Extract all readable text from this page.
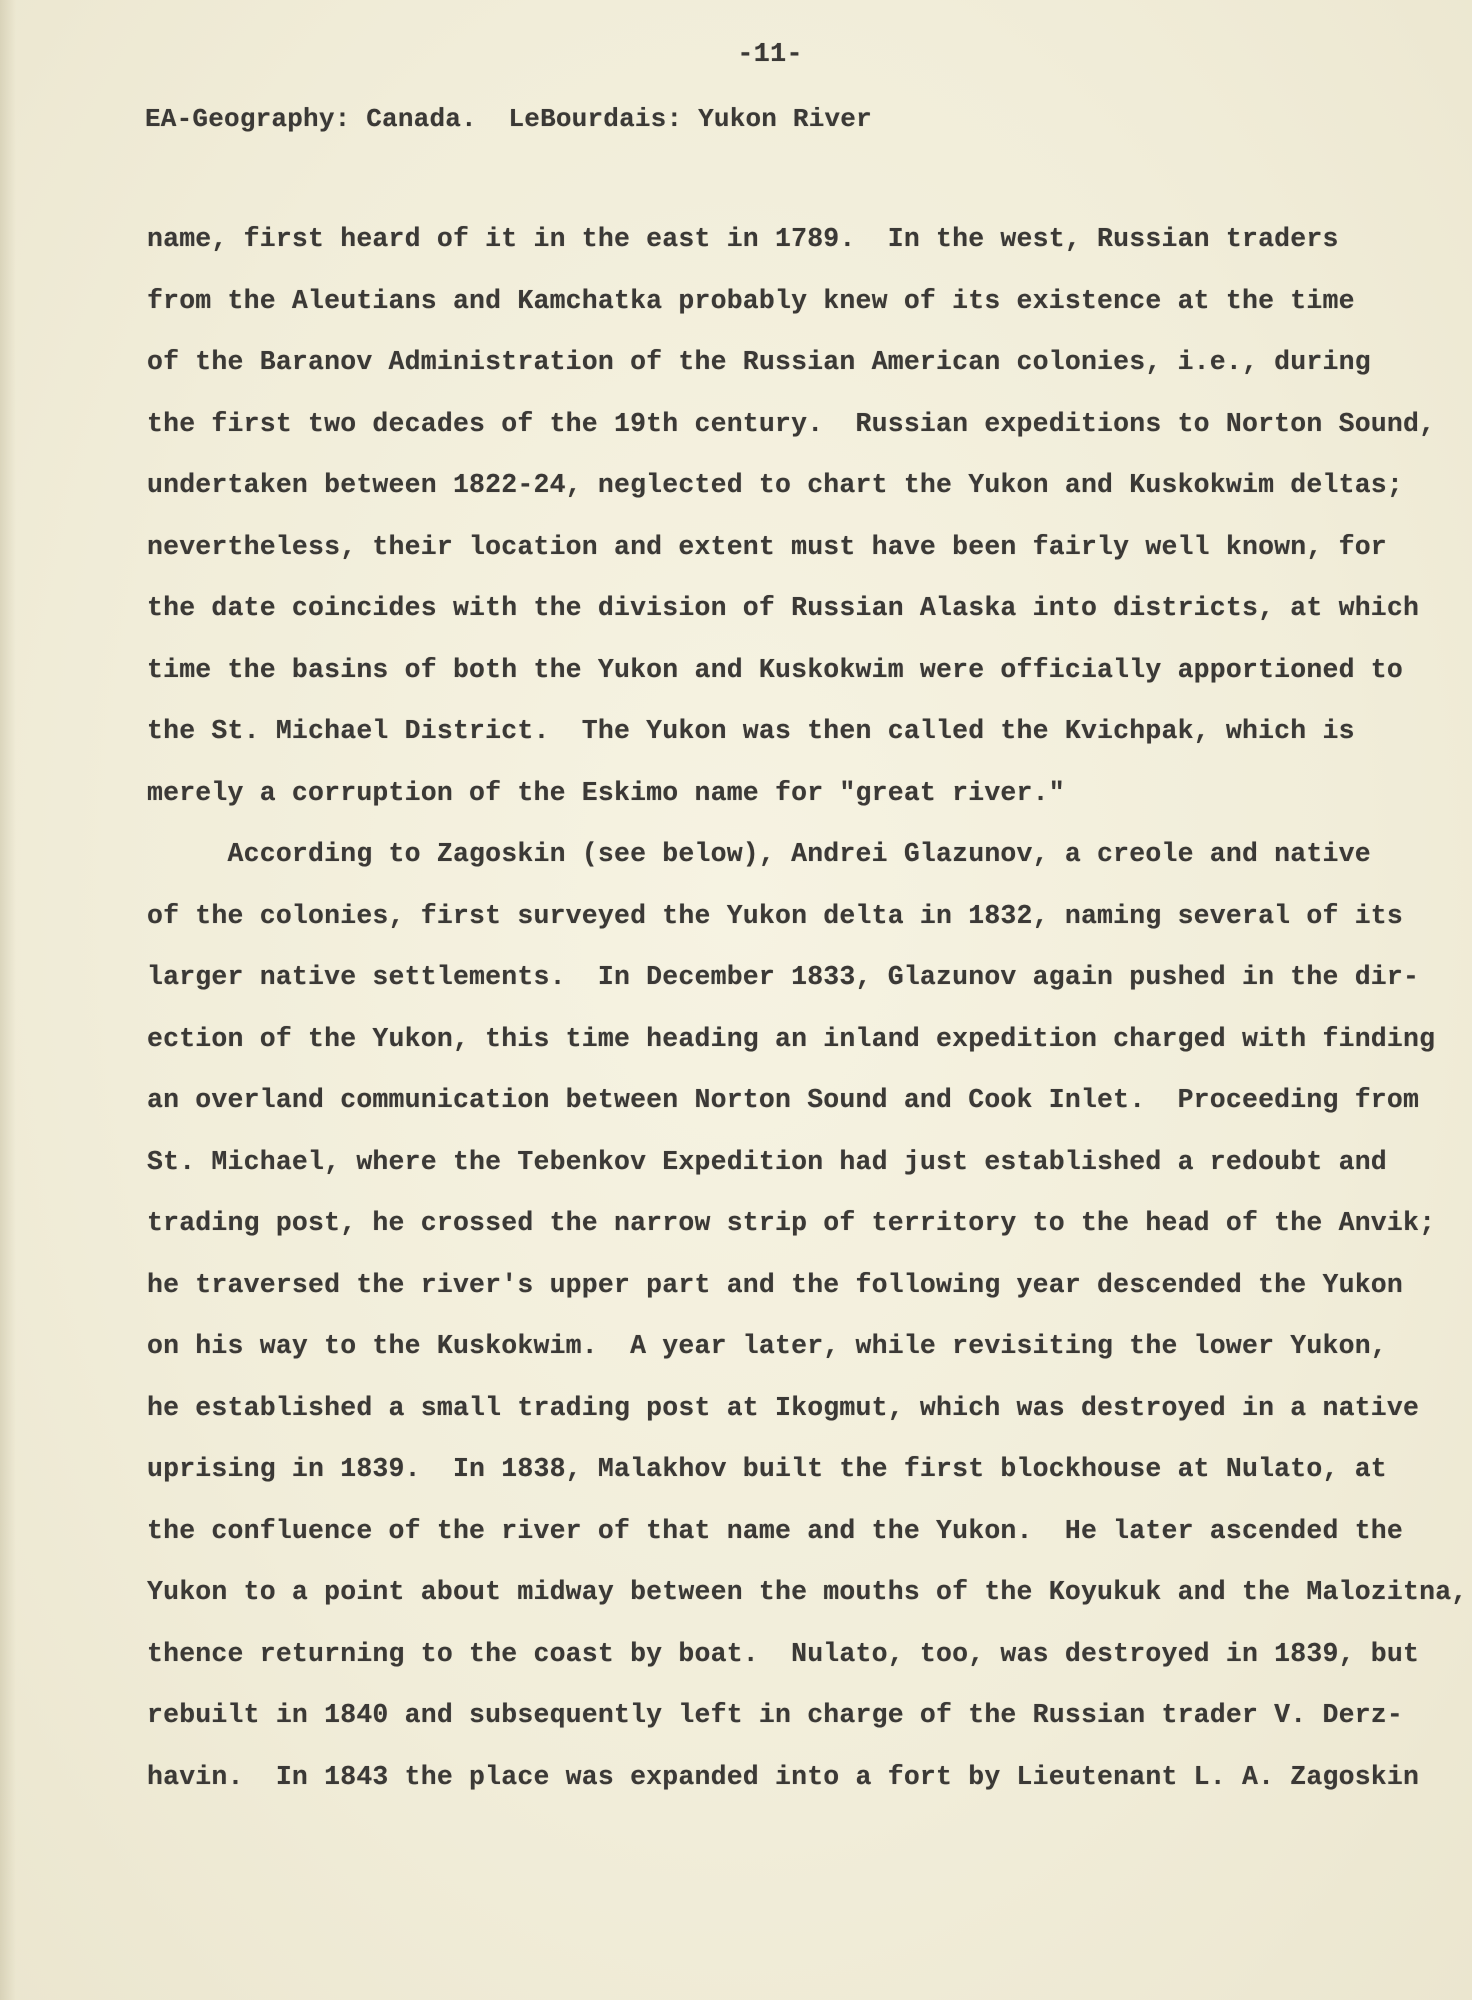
-11-
EA-Geography: Canada.  LeBourdais: Yukon River
name, first heard of it in the east in 1789.  In the west, Russian traders
from the Aleutians and Kamchatka probably knew of its existence at the time
of the Baranov Administration of the Russian American colonies, i.e., during
the first two decades of the 19th century.  Russian expeditions to Norton Sound,
undertaken between 1822-24, neglected to chart the Yukon and Kuskokwim deltas;
nevertheless, their location and extent must have been fairly well known, for
the date coincides with the division of Russian Alaska into districts, at which
time the basins of both the Yukon and Kuskokwim were officially apportioned to
the St. Michael District.  The Yukon was then called the Kvichpak, which is
merely a corruption of the Eskimo name for "great river."
According to Zagoskin (see below), Andrei Glazunov, a creole and native
of the colonies, first surveyed the Yukon delta in 1832, naming several of its
larger native settlements.  In December 1833, Glazunov again pushed in the dir-
ection of the Yukon, this time heading an inland expedition charged with finding
an overland communication between Norton Sound and Cook Inlet.  Proceeding from
St. Michael, where the Tebenkov Expedition had just established a redoubt and
trading post, he crossed the narrow strip of territory to the head of the Anvik;
he traversed the river's upper part and the following year descended the Yukon
on his way to the Kuskokwim.  A year later, while revisiting the lower Yukon,
he established a small trading post at Ikogmut, which was destroyed in a native
uprising in 1839.  In 1838, Malakhov built the first blockhouse at Nulato, at
the confluence of the river of that name and the Yukon.  He later ascended the
Yukon to a point about midway between the mouths of the Koyukuk and the Malozitna,
thence returning to the coast by boat.  Nulato, too, was destroyed in 1839, but
rebuilt in 1840 and subsequently left in charge of the Russian trader V. Derz-
havin.  In 1843 the place was expanded into a fort by Lieutenant L. A. Zagoskin
